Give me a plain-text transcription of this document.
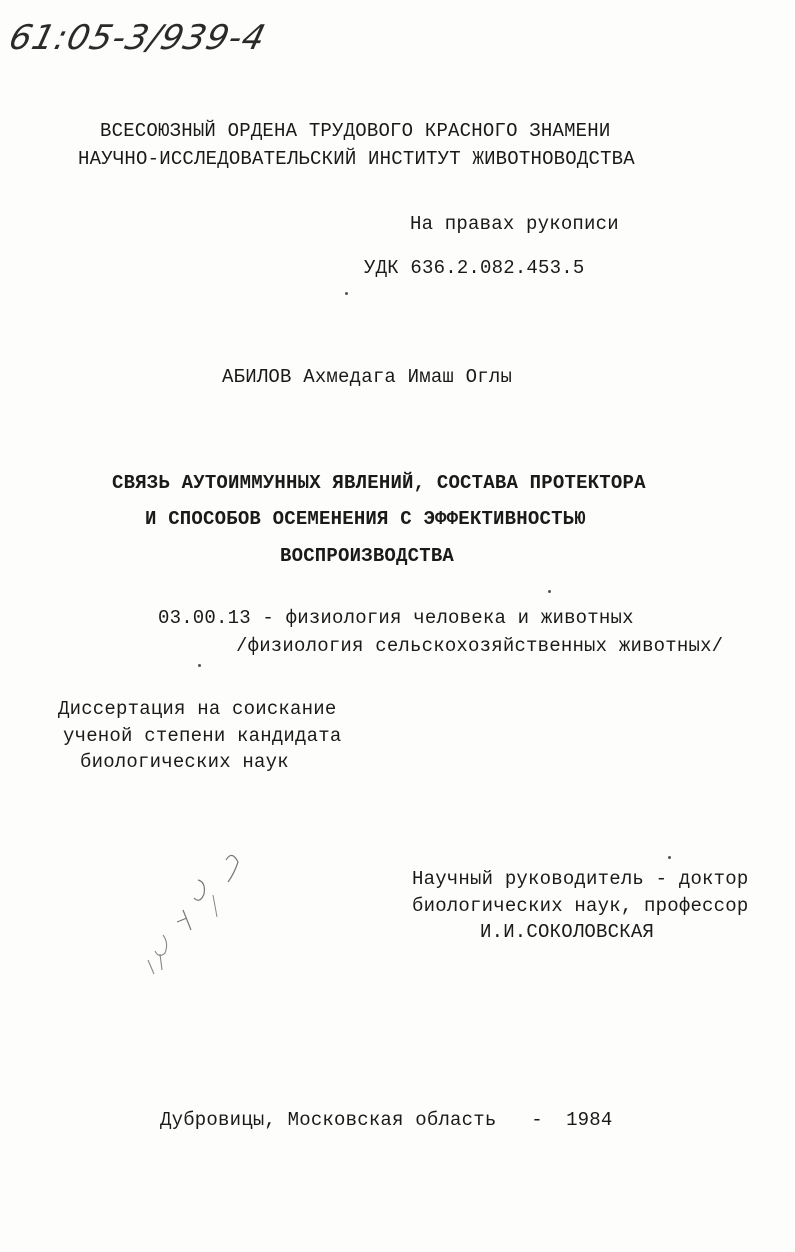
61:05-3/939-4
ВСЕСОЮЗНЫЙ ОРДЕНА ТРУДОВОГО КРАСНОГО ЗНАМЕНИ
НАУЧНО-ИССЛЕДОВАТЕЛЬСКИЙ ИНСТИТУТ ЖИВОТНОВОДСТВА
На правах рукописи
УДК 636.2.082.453.5
АБИЛОВ Ахмедага Имаш Оглы
СВЯЗЬ АУТОИММУННЫХ ЯВЛЕНИЙ, СОСТАВА ПРОТЕКТОРА
И СПОСОБОВ ОСЕМЕНЕНИЯ С ЭФФЕКТИВНОСТЬЮ
ВОСПРОИЗВОДСТВА
03.00.13 - физиология человека и животных
/физиология сельскохозяйственных животных/
Диссертация на соискание
ученой степени кандидата
биологических наук
Научный руководитель - доктор
биологических наук, профессор
И.И.СОКОЛОВСКАЯ
Дубровицы, Московская область   -  1984
